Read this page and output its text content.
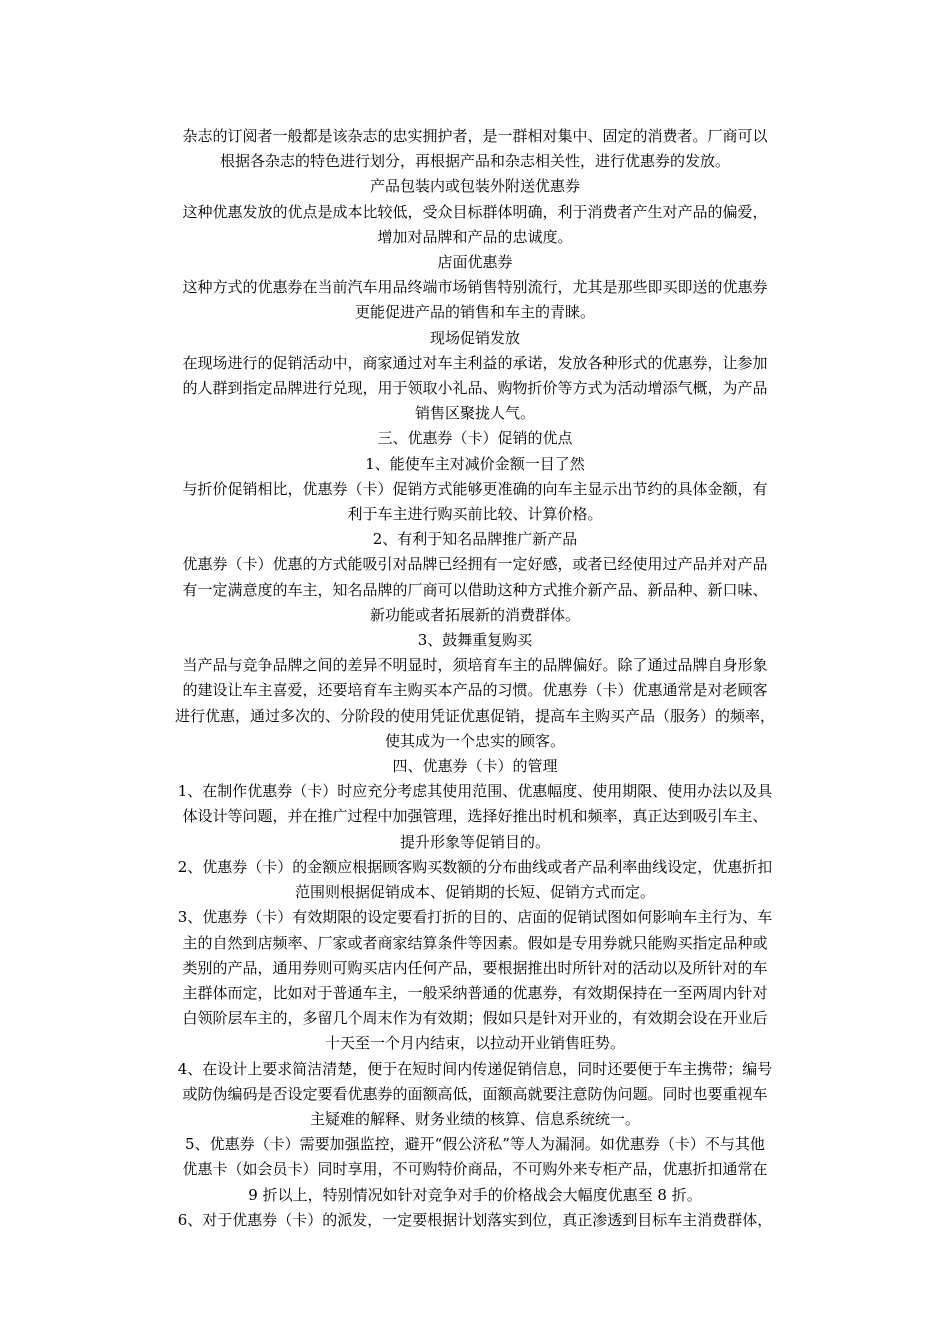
杂志的订阅者一般都是该杂志的忠实拥护者，是一群相对集中、固定的消费者。厂商可以

根据各杂志的特色进行划分，再根据产品和杂志相关性，进行优惠券的发放。

产品包装内或包装外附送优惠券

这种优惠发放的优点是成本比较低，受众目标群体明确，利于消费者产生对产品的偏爱，

增加对品牌和产品的忠诚度。

店面优惠券

这种方式的优惠券在当前汽车用品终端市场销售特别流行，尤其是那些即买即送的优惠券

更能促进产品的销售和车主的青睐。

现场促销发放

在现场进行的促销活动中，商家通过对车主利益的承诺，发放各种形式的优惠券，让参加

的人群到指定品牌进行兑现，用于领取小礼品、购物折价等方式为活动增添气概，为产品

销售区聚拢人气。

三、优惠券（卡）促销的优点

1、能使车主对减价金额一目了然

与折价促销相比，优惠券（卡）促销方式能够更准确的向车主显示出节约的具体金额，有

利于车主进行购买前比较、计算价格。

2、有利于知名品牌推广新产品

优惠券（卡）优惠的方式能吸引对品牌已经拥有一定好感，或者已经使用过产品并对产品

有一定满意度的车主，知名品牌的厂商可以借助这种方式推介新产品、新品种、新口味、

新功能或者拓展新的消费群体。

3、鼓舞重复购买

当产品与竞争品牌之间的差异不明显时，须培育车主的品牌偏好。除了通过品牌自身形象

的建设让车主喜爱，还要培育车主购买本产品的习惯。优惠券（卡）优惠通常是对老顾客

进行优惠，通过多次的、分阶段的使用凭证优惠促销，提高车主购买产品（服务）的频率，

使其成为一个忠实的顾客。

四、优惠券（卡）的管理

1、在制作优惠券（卡）时应充分考虑其使用范围、优惠幅度、使用期限、使用办法以及具

体设计等问题，并在推广过程中加强管理，选择好推出时机和频率，真正达到吸引车主、

提升形象等促销目的。

2、优惠券（卡）的金额应根据顾客购买数额的分布曲线或者产品利率曲线设定，优惠折扣

范围则根据促销成本、促销期的长短、促销方式而定。

3、优惠券（卡）有效期限的设定要看打折的目的、店面的促销试图如何影响车主行为、车

主的自然到店频率、厂家或者商家结算条件等因素。假如是专用券就只能购买指定品种或

类别的产品，通用券则可购买店内任何产品，要根据推出时所针对的活动以及所针对的车

主群体而定，比如对于普通车主，一般采纳普通的优惠券，有效期保持在一至两周内针对

白领阶层车主的，多留几个周末作为有效期；假如只是针对开业的，有效期会设在开业后

十天至一个月内结束，以拉动开业销售旺势。

4、在设计上要求简洁清楚，便于在短时间内传递促销信息，同时还要便于车主携带；编号

或防伪编码是否设定要看优惠券的面额高低，面额高就要注意防伪问题。同时也要重视车

主疑难的解释、财务业绩的核算、信息系统统一。

5、优惠券（卡）需要加强监控，避开“假公济私”等人为漏洞。如优惠券（卡）不与其他

优惠卡（如会员卡）同时享用，不可购特价商品，不可购外来专柜产品，优惠折扣通常在

9 折以上，特别情况如针对竞争对手的价格战会大幅度优惠至 8 折。

6、对于优惠券（卡）的派发，一定要根据计划落实到位，真正渗透到目标车主消费群体，
